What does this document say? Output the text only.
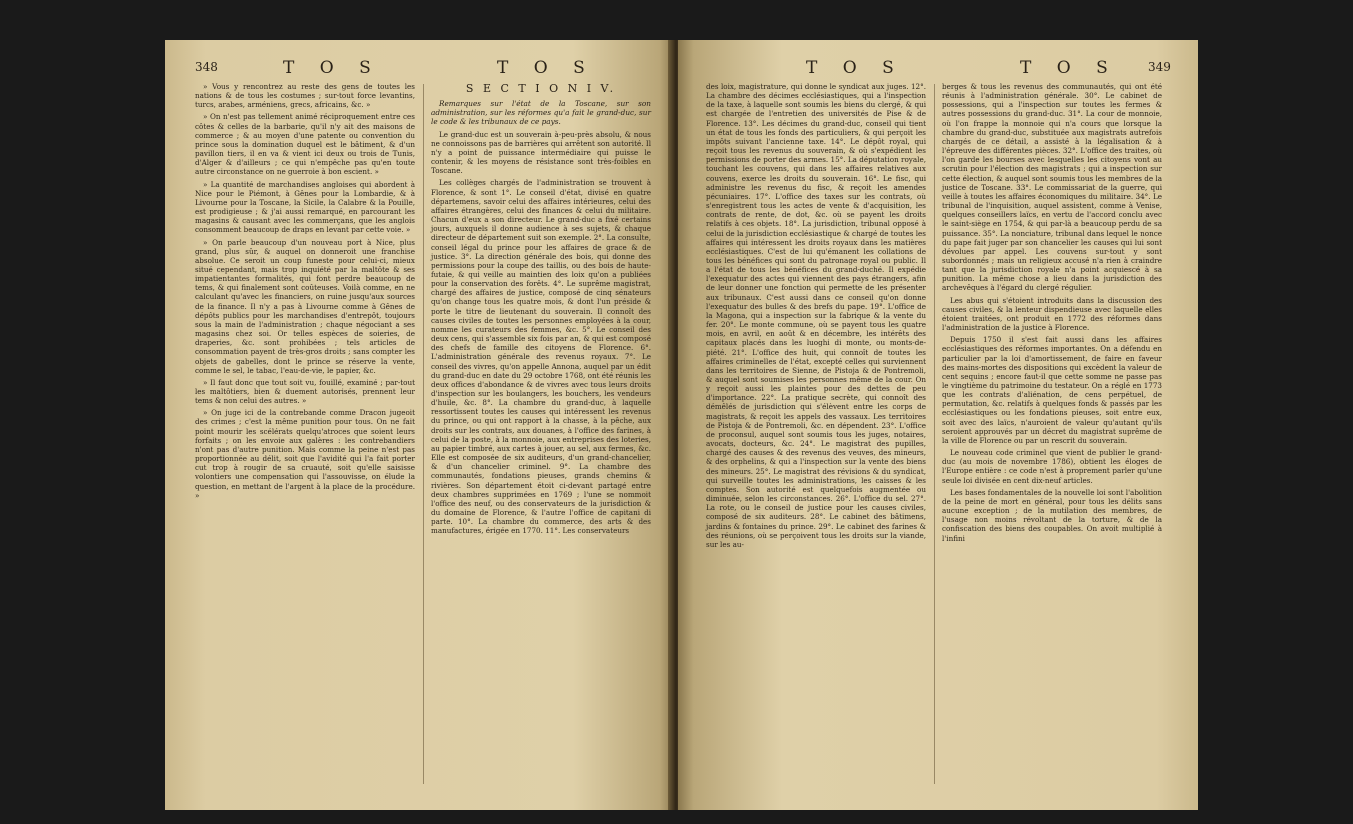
348	T O S	T O S

» Vous y rencontrez au reste des gens de toutes les nations & de tous les costumes ; sur-tout force levantins, turcs, arabes, arméniens, grecs, africains, &c. »

» On n'est pas tellement animé réciproquement entre ces côtes & celles de la barbarie, qu'il n'y ait des maisons de commerce ; & au moyen d'une patente ou convention du prince sous la domination duquel est le bâtiment, & d'un pavillon tiers, il en va & vient ici deux ou trois de Tunis, d'Alger & d'ailleurs ; ce qui n'empêche pas qu'en toute autre circonstance on ne guerroie à bon escient. »

» La quantité de marchandises angloises qui abordent à Nice pour le Piémont, à Gênes pour la Lombardie, & à Livourne pour la Toscane, la Sicile, la Calabre & la Pouille, est prodigieuse ; & j'ai aussi remarqué, en parcourant les magasins & causant avec les commerçans, que les anglois consomment beaucoup de draps en levant par cette voie. »

» On parle beaucoup d'un nouveau port à Nice, plus grand, plus sûr, & auquel on donneroit une franchise absolue. Ce seroit un coup funeste pour celui-ci, mieux situé cependant, mais trop inquiété par la maltôte & ses impatientantes formalités, qui font perdre beaucoup de tems, & qui finalement sont coûteuses. Voilà comme, en ne calculant qu'avec les financiers, on ruine jusqu'aux sources de la finance. Il n'y a pas à Livourne comme à Gênes de dépôts publics pour les marchandises d'entrepôt, toujours sous la main de l'administration ; chaque négociant a ses magasins chez soi. Or telles espèces de soieries, de draperies, &c. sont prohibées ; tels articles de consommation payent de très-gros droits ; sans compter les objets de gabelles, dont le prince se réserve la vente, comme le sel, le tabac, l'eau-de-vie, le papier, &c.

» Il faut donc que tout soit vu, fouillé, examiné ; par-tout les maltôtiers, bien & duement autorisés, prennent leur tems & non celui des autres. »

» On juge ici de la contrebande comme Dracon jugeoit des crimes ; c'est la même punition pour tous. On ne fait point mourir les scélérats quelqu'atroces que soient leurs forfaits ; on les envoie aux galères : les contrebandiers n'ont pas d'autre punition. Mais comme la peine n'est pas proportionnée au délit, soit que l'avidité qui l'a fait porter cut trop à rougir de sa cruauté, soit qu'elle saisisse volontiers une compensation qui l'assouvisse, on élude la question, en mettant de l'argent à la place de la procédure. »

S E C T I O N I V.

Remarques sur l'état de la Toscane, sur son administration, sur les réformes qu'a fait le grand-duc, sur le code & les tribunaux de ce pays.

Le grand-duc est un souverain à-peu-près absolu, & nous ne connoissons pas de barrières qui arrêtent son autorité. Il n'y a point de puissance intermédiaire qui puisse le contenir, & les moyens de résistance sont très-foibles en Toscane.

Les collèges chargés de l'administration se trouvent à Florence, & sont 1°. Le conseil d'état, divisé en quatre départemens, savoir celui des affaires intérieures, celui des affaires étrangères, celui des finances & celui du militaire. Chacun d'eux a son directeur. Le grand-duc a fixé certains jours, auxquels il donne audience à ses sujets, & chaque directeur de département suit son exemple. 2°. La consulte, conseil légal du prince pour les affaires de grace & de justice. 3°. La direction générale des bois, qui donne des permissions pour la coupe des taillis, ou des bois de haute-futaie, & qui veille au maintien des loix qu'on a publiées pour la conservation des forêts. 4°. Le suprême magistrat, chargé des affaires de justice, composé de cinq sénateurs qu'on change tous les quatre mois, & dont l'un préside & porte le titre de lieutenant du souverain. Il connoît des causes civiles de toutes les personnes employées à la cour, nomme les curateurs des femmes, &c. 5°. Le conseil des deux cens, qui s'assemble six fois par an, & qui est composé des chefs de famille des citoyens de Florence. 6°. L'administration générale des revenus royaux. 7°. Le conseil des vivres, qu'on appelle Annona, auquel par un édit du grand-duc en date du 29 octobre 1768, ont été réunis les deux offices d'abondance & de vivres avec tous leurs droits d'inspection sur les boulangers, les bouchers, les vendeurs d'huile, &c. 8°. La chambre du grand-duc, à laquelle ressortissent toutes les causes qui intéressent les revenus du prince, ou qui ont rapport à la chasse, à la pêche, aux droits sur les contrats, aux douanes, à l'office des farines, à celui de la poste, à la monnoie, aux entreprises des loteries, au papier timbré, aux cartes à jouer, au sel, aux fermes, &c. Elle est composée de six auditeurs, d'un grand-chancelier, & d'un chancelier criminel. 9°. La chambre des communautés, fondations pieuses, grands chemins & rivières. Son département étoit ci-devant partagé entre deux chambres supprimées en 1769 ; l'une se nommoit l'office des neuf, ou des conservateurs de la jurisdiction & du domaine de Florence, & l'autre l'office de capitani di parte. 10°. La chambre du commerce, des arts & des manufactures, érigée en 1770. 11°. Les conservateurs

T O S	T O S	349

des loix, magistrature, qui donne le syndicat aux juges. 12°. La chambre des décimes ecclésiastiques, qui a l'inspection de la taxe, à laquelle sont soumis les biens du clergé, & qui est chargée de l'entretien des universités de Pise & de Florence. 13°. Les décimes du grand-duc, conseil qui tient un état de tous les fonds des particuliers, & qui perçoit les impôts suivant l'ancienne taxe. 14°. Le dépôt royal, qui reçoit tous les revenus du souverain, & où s'expédient les permissions de porter des armes. 15°. La députation royale, touchant les couvens, qui dans les affaires relatives aux couvens, exerce les droits du souverain. 16°. Le fisc, qui administre les revenus du fisc, & reçoit les amendes pécuniaires. 17°. L'office des taxes sur les contrats, où s'enregistrent tous les actes de vente & d'acquisition, les contrats de rente, de dot, &c. où se payent les droits relatifs à ces objets. 18°. La jurisdiction, tribunal opposé à celui de la jurisdiction ecclésiastique & chargé de toutes les affaires qui intéressent les droits royaux dans les matières ecclésiastiques. C'est de lui qu'émanent les collations de tous les bénéfices qui sont du patronage royal ou public. Il a l'état de tous les bénéfices du grand-duché. Il expédie l'exequatur des actes qui viennent des pays étrangers, afin de leur donner une fonction qui permette de les présenter aux tribunaux. C'est aussi dans ce conseil qu'on donne l'exequatur des bulles & des brefs du pape. 19°. L'office de la Magona, qui a inspection sur la fabrique & la vente du fer. 20°. Le monte commune, où se payent tous les quatre mois, en avril, en août & en décembre, les intérêts des capitaux placés dans les luoghi di monte, ou monts-de-piété. 21°. L'office des huit, qui connoît de toutes les affaires criminelles de l'état, excepté celles qui surviennent dans les territoires de Sienne, de Pistoja & de Pontremoli, & auquel sont soumises les personnes même de la cour. On y reçoit aussi les plaintes pour des dettes de peu d'importance. 22°. La pratique secrète, qui connoît des démêlés de jurisdiction qui s'élèvent entre les corps de magistrats, & reçoit les appels des vassaux. Les territoires de Pistoja & de Pontremoli, &c. en dépendent. 23°. L'office de proconsul, auquel sont soumis tous les juges, notaires, avocats, docteurs, &c. 24°. Le magistrat des pupilles, chargé des causes & des revenus des veuves, des mineurs, & des orphelins, & qui a l'inspection sur la vente des biens des mineurs. 25°. Le magistrat des révisions & du syndicat, qui surveille toutes les administrations, les caisses & les comptes. Son autorité est quelquefois augmentée ou diminuée, selon les circonstances. 26°. L'office du sel. 27°. La rote, ou le conseil de justice pour les causes civiles, composé de six auditeurs. 28°. Le cabinet des bâtimens, jardins & fontaines du prince. 29°. Le cabinet des farines & des réunions, où se perçoivent tous les droits sur la viande, sur les au-

berges & tous les revenus des communautés, qui ont été réunis à l'administration générale. 30°. Le cabinet de possessions, qui a l'inspection sur toutes les fermes & autres possessions du grand-duc. 31°. La cour de monnoie, où l'on frappe la monnoie qui n'a cours que lorsque la chambre du grand-duc, substituée aux magistrats autrefois chargés de ce détail, a assisté à la légalisation & à l'épreuve des différentes pièces. 32°. L'office des traites, où l'on garde les bourses avec lesquelles les citoyens vont au scrutin pour l'élection des magistrats ; qui a inspection sur cette élection, & auquel sont soumis tous les membres de la justice de Toscane. 33°. Le commissariat de la guerre, qui veille à toutes les affaires économiques du militaire. 34°. Le tribunal de l'inquisition, auquel assistent, comme à Venise, quelques conseillers laïcs, en vertu de l'accord conclu avec le saint-siège en 1754, & qui par-là a beaucoup perdu de sa puissance. 35°. La nonciature, tribunal dans lequel le nonce du pape fait juger par son chancelier les causes qui lui sont dévolues par appel. Les couvens sur-tout y sont subordonnés ; mais un religieux accusé n'a rien à craindre tant que la jurisdiction royale n'a point acquiescé à sa punition. La même chose a lieu dans la jurisdiction des archevêques à l'égard du clergé régulier.

Les abus qui s'étoient introduits dans la discussion des causes civiles, & la lenteur dispendieuse avec laquelle elles étoient traitées, ont produit en 1772 des réformes dans l'administration de la justice à Florence.

Depuis 1750 il s'est fait aussi dans les affaires ecclésiastiques des réformes importantes. On a défendu en particulier par la loi d'amortissement, de faire en faveur des mains-mortes des dispositions qui excèdent la valeur de cent sequins ; encore faut-il que cette somme ne passe pas le vingtième du patrimoine du testateur. On a réglé en 1773 que les contrats d'aliénation, de cens perpétuel, de permutation, &c. relatifs à quelques fonds & passés par les ecclésiastiques ou les fondations pieuses, soit entre eux, soit avec des laïcs, n'auroient de valeur qu'autant qu'ils seroient approuvés par un décret du magistrat suprême de la ville de Florence ou par un rescrit du souverain.

Le nouveau code criminel que vient de publier le grand-duc (au mois de novembre 1786), obtient les éloges de l'Europe entière : ce code n'est à proprement parler qu'une seule loi divisée en cent dix-neuf articles.

Les bases fondamentales de la nouvelle loi sont l'abolition de la peine de mort en général, pour tous les délits sans aucune exception ; de la mutilation des membres, de l'usage non moins révoltant de la torture, & de la confiscation des biens des coupables. On avoit multiplié à l'infini
